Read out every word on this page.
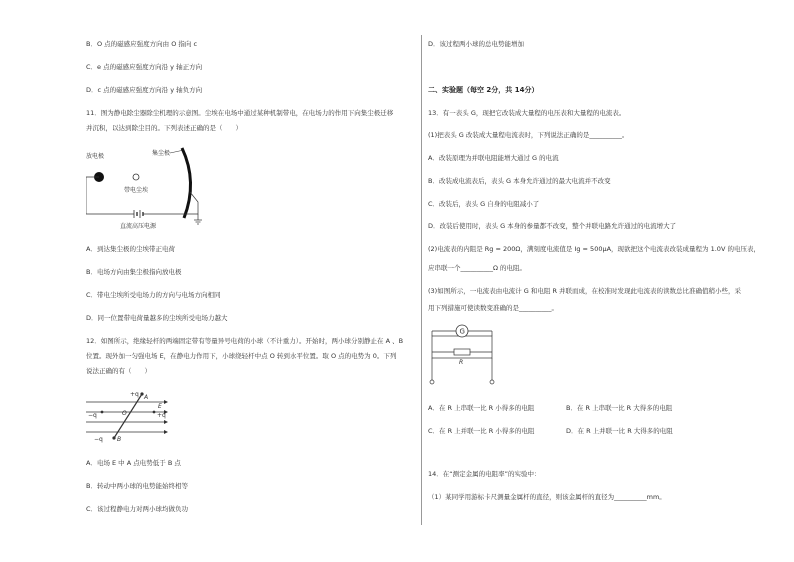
B．O 点的磁感应强度方向由 O 指向 c
C．e 点的磁感应强度方向沿 y 轴正方向
D．c 点的磁感应强度方向沿 y 轴负方向
11．图为静电除尘器除尘机理的示意图。尘埃在电场中通过某种机制带电，在电场力的作用下向集尘极迁移
并沉积，以达到除尘目的。下列表述正确的是（　　）
放电极
带电尘埃
集尘极
直流高压电源
A．到达集尘极的尘埃带正电荷
B．电场方向由集尘极指向放电极
C．带电尘埃所受电场力的方向与电场方向相同
D．同一位置带电荷量越多的尘埃所受电场力越大
12．如图所示，绝缘轻杆的两端固定带有等量异号电荷的小球（不计重力）。开始时，两小球分别静止在 A 、B
位置。现外加一匀强电场 E，在静电力作用下，小球绕轻杆中点 O 转到水平位置。取 O 点的电势为 0。下列
说法正确的有（　　）
+q A
E
−q	O	+q
−q B
A．电场 E 中 A 点电势低于 B 点
B．转动中两小球的电势能始终相等
C．该过程静电力对两小球均做负功
D．该过程两小球的总电势能增加
二、实验题（每空 2分，共 14分）
13．有一表头 G，现把它改装成大量程的电压表和大量程的电流表。
(1)把表头 G 改装成大量程电流表时，下列说法正确的是__________。
A．改装原理为并联电阻能增大通过 G 的电流
B．改装成电流表后，表头 G 本身允许通过的最大电流并不改变
C．改装后，表头 G 自身的电阻减小了
D．改装后使用时，表头 G 本身的参量都不改变，整个并联电路允许通过的电流增大了
(2)电流表的内阻是 Rg = 200Ω，满刻度电流值是 Ig = 500μA，现欲把这个电流表改装成量程为 1.0V 的电压表，
应串联一个__________Ω 的电阻。
(3)如图所示，一电流表由电流计 G 和电阻 R 并联而成，在校准时发现此电流表的读数总比准确值稍小些，采
用下列措施可使读数变准确的是__________。
G
R
A．在 R 上串联一比 R 小得多的电阻	B．在 R 上串联一比 R 大得多的电阻
C．在 R 上并联一比 R 小得多的电阻	D．在 R 上并联一比 R 大得多的电阻
14．在“测定金属的电阻率”的实验中：
（1）某同学用游标卡尺测量金属杆的直径，则该金属杆的直径为__________mm。
